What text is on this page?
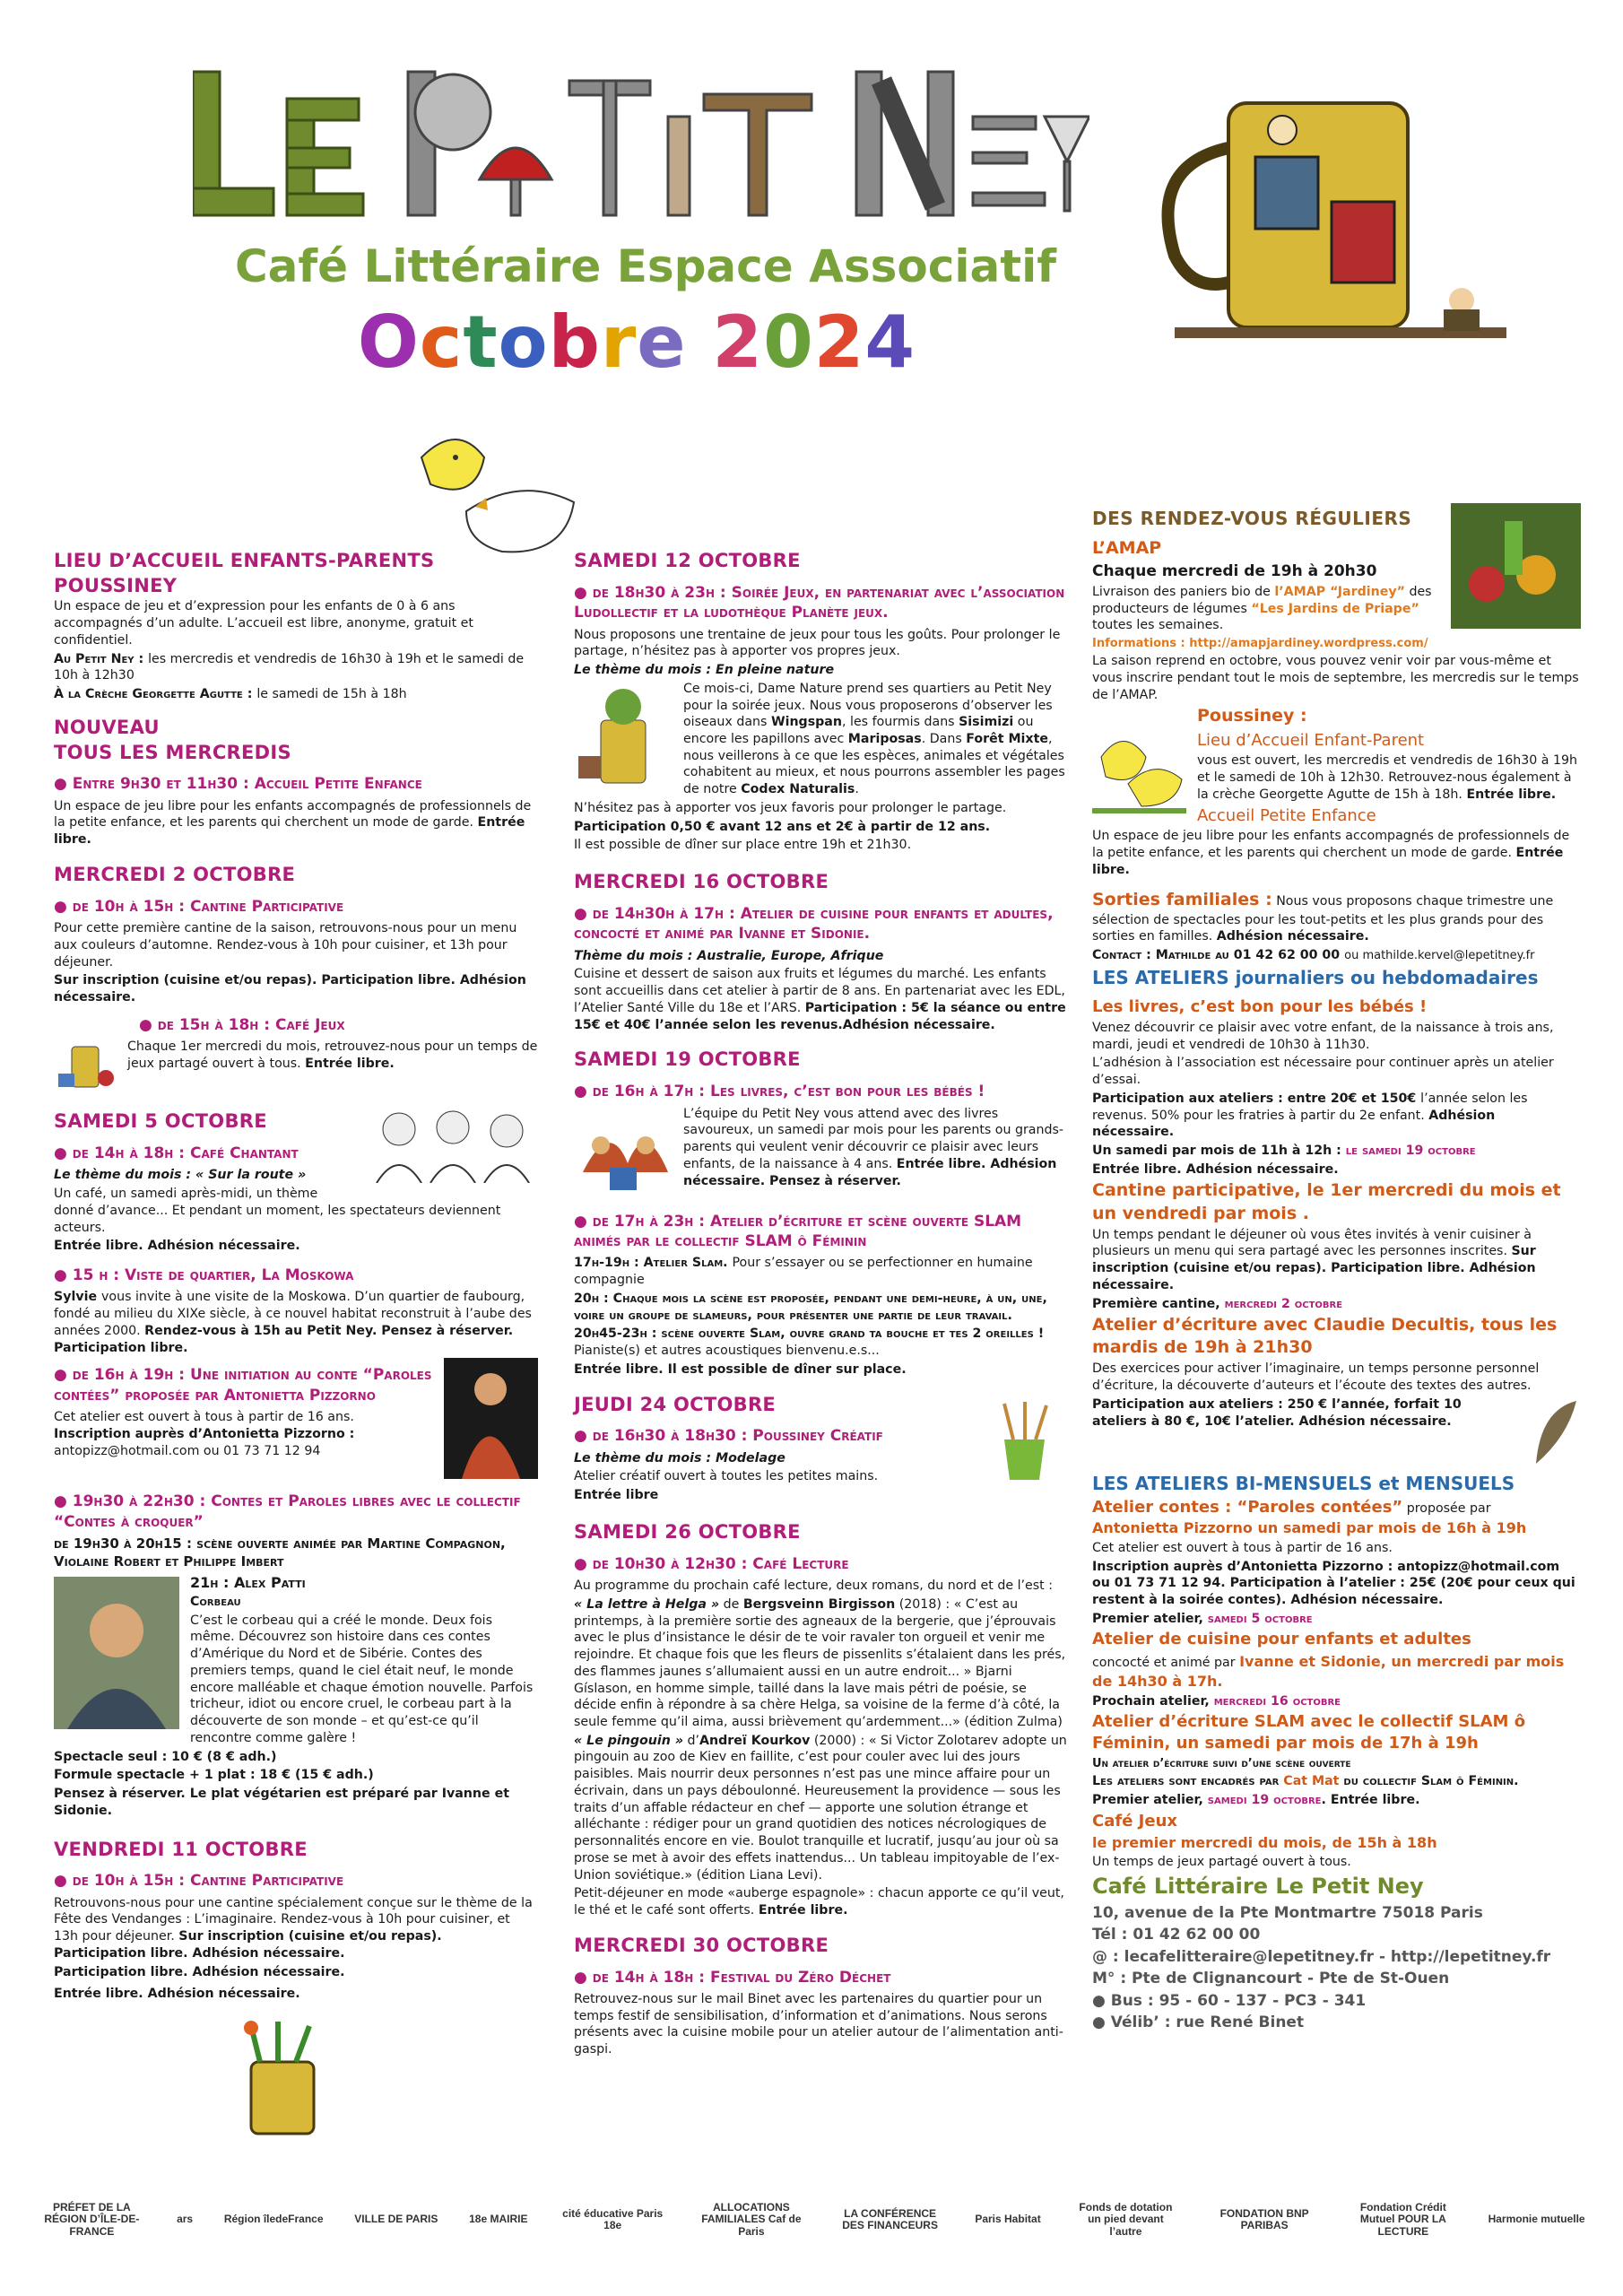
Café Littéraire Espace Associatif
Octobre 2024
LIEU D’ACCUEIL ENFANTS-PARENTS POUSSINEY

Un espace de jeu et d’expression pour les enfants de 0 à 6 ans accompagnés d’un adulte. L’accueil est libre, anonyme, gratuit et confidentiel.

Au Petit Ney : les mercredis et vendredis de 16h30 à 19h et le samedi de 10h à 12h30

À la Crèche Georgette Agutte : le samedi de 15h à 18h

NOUVEAU
TOUS LES MERCREDIS
● Entre 9h30 et 11h30 : Accueil Petite Enfance

Un espace de jeu libre pour les enfants accompagnés de professionnels de la petite enfance, et les parents qui cherchent un mode de garde. Entrée libre.

MERCREDI 2 OCTOBRE
● de 10h à 15h : Cantine Participative

Pour cette première cantine de la saison, retrouvons-nous pour un menu aux couleurs d’automne. Rendez-vous à 10h pour cuisiner, et 13h pour déjeuner.

Sur inscription (cuisine et/ou repas). Participation libre. Adhésion nécessaire.

● de 15h à 18h : Café Jeux

Chaque 1er mercredi du mois, retrouvez-nous pour un temps de jeux partagé ouvert à tous. Entrée libre.

SAMEDI 5 OCTOBRE
● de 14h à 18h : Café Chantant

Le thème du mois : « Sur la route »

Un café, un samedi après-midi, un thème donné d’avance... Et pendant un moment, les spectateurs deviennent acteurs.

Entrée libre. Adhésion nécessaire.

● 15 h : Viste de quartier, La Moskowa

Sylvie vous invite à une visite de la Moskowa. D’un quartier de faubourg, fondé au milieu du XIXe siècle, à ce nouvel habitat reconstruit à l’aube des années 2000. Rendez-vous à 15h au Petit Ney. Pensez à réserver. Participation libre.

● de 16h à 19h : Une initiation au conte “Paroles contées” proposée par Antonietta Pizzorno

Cet atelier est ouvert à tous à partir de 16 ans. Inscription auprès d’Antonietta Pizzorno : antopizz@hotmail.com ou 01 73 71 12 94

● 19h30 à 22h30 : Contes et Paroles libres avec le collectif “Contes à croquer”

de 19h30 à 20h15 : scène ouverte animée par Martine Compagnon, Violaine Robert et Philippe Imbert

21h : Alex Patti

Corbeau

C’est le corbeau qui a créé le monde. Deux fois même. Découvrez son histoire dans ces contes d’Amérique du Nord et de Sibérie. Contes des premiers temps, quand le ciel était neuf, le monde encore malléable et chaque émotion nouvelle. Parfois tricheur, idiot ou encore cruel, le corbeau part à la découverte de son monde – et qu’est-ce qu’il rencontre comme galère !

Spectacle seul : 10 € (8 € adh.)

Formule spectacle + 1 plat : 18 € (15 € adh.)

Pensez à réserver. Le plat végétarien est préparé par Ivanne et Sidonie.

VENDREDI 11 OCTOBRE
● de 10h à 15h : Cantine Participative

Retrouvons-nous pour une cantine spécialement conçue sur le thème de la Fête des Vendanges : L’imaginaire. Rendez-vous à 10h pour cuisiner, et 13h pour déjeuner. Sur inscription (cuisine et/ou repas). Participation libre. Adhésion nécessaire.

Participation libre. Adhésion nécessaire.

Entrée libre. Adhésion nécessaire.

SAMEDI 12 OCTOBRE
● de 18h30 à 23h : Soirée Jeux, en partenariat avec l’association Ludollectif et la ludothèque Planète jeux.

Nous proposons une trentaine de jeux pour tous les goûts. Pour prolonger le partage, n’hésitez pas à apporter vos propres jeux.

Le thème du mois : En pleine nature

Ce mois-ci, Dame Nature prend ses quartiers au Petit Ney pour la soirée jeux. Nous vous proposerons d’observer les oiseaux dans Wingspan, les fourmis dans Sisimizi ou encore les papillons avec Mariposas. Dans Forêt Mixte, nous veillerons à ce que les espèces, animales et végétales cohabitent au mieux, et nous pourrons assembler les pages de notre Codex Naturalis.

N’hésitez pas à apporter vos jeux favoris pour prolonger le partage.

Participation 0,50 € avant 12 ans et 2€ à partir de 12 ans.

Il est possible de dîner sur place entre 19h et 21h30.

MERCREDI 16 OCTOBRE
● de 14h30h à 17h : Atelier de cuisine pour enfants et adultes, concocté et animé par Ivanne et Sidonie.

Thème du mois : Australie, Europe, Afrique

Cuisine et dessert de saison aux fruits et légumes du marché. Les enfants sont accueillis dans cet atelier à partir de 8 ans. En partenariat avec les EDL, l’Atelier Santé Ville du 18e et l’ARS. Participation : 5€ la séance ou entre 15€ et 40€ l’année selon les revenus.Adhésion nécessaire.

SAMEDI 19 OCTOBRE
● de 16h à 17h : Les livres, c’est bon pour les bébés !

L’équipe du Petit Ney vous attend avec des livres savoureux, un samedi par mois pour les parents ou grands-parents qui veulent venir découvrir ce plaisir avec leurs enfants, de la naissance à 4 ans. Entrée libre. Adhésion nécessaire. Pensez à réserver.

● de 17h à 23h : Atelier d’écriture et scène ouverte SLAM animés par le collectif SLAM ô Féminin

17h-19h : Atelier Slam. Pour s’essayer ou se perfectionner en humaine compagnie

20h : Chaque mois la scène est proposée, pendant une demi-heure, à un, une, voire un groupe de slameurs, pour présenter une partie de leur travail.

20h45-23h : scène ouverte Slam, ouvre grand ta bouche et tes 2 oreilles ! Pianiste(s) et autres acoustiques bienvenu.e.s...

Entrée libre. Il est possible de dîner sur place.

JEUDI 24 OCTOBRE
● de 16h30 à 18h30 : Poussiney Créatif

Le thème du mois : Modelage

Atelier créatif ouvert à toutes les petites mains.

Entrée libre

SAMEDI 26 OCTOBRE
● de 10h30 à 12h30 : Café Lecture

Au programme du prochain café lecture, deux romans, du nord et de l’est :

« La lettre à Helga » de Bergsveinn Birgisson (2018) : « C’est au printemps, à la première sortie des agneaux de la bergerie, que j’éprouvais avec le plus d’insistance le désir de te voir ravaler ton orgueil et venir me rejoindre. Et chaque fois que les fleurs de pissenlits s’étalaient dans les prés, des flammes jaunes s’allumaient aussi en un autre endroit... » Bjarni Gíslason, en homme simple, taillé dans la lave mais pétri de poésie, se décide enfin à répondre à sa chère Helga, sa voisine de la ferme d’à côté, la seule femme qu’il aima, aussi brièvement qu’ardemment...» (édition Zulma)

« Le pingouin » d’Andreï Kourkov (2000) : « Si Victor Zolotarev adopte un pingouin au zoo de Kiev en faillite, c’est pour couler avec lui des jours paisibles. Mais nourrir deux personnes n’est pas une mince affaire pour un écrivain, dans un pays déboulonné. Heureusement la providence — sous les traits d’un affable rédacteur en chef — apporte une solution étrange et alléchante : rédiger pour un grand quotidien des notices nécrologiques de personnalités encore en vie. Boulot tranquille et lucratif, jusqu’au jour où sa prose se met à avoir des effets inattendus... Un tableau impitoyable de l’ex-Union soviétique.» (édition Liana Levi).

Petit-déjeuner en mode «auberge espagnole» : chacun apporte ce qu’il veut, le thé et le café sont offerts. Entrée libre.

MERCREDI 30 OCTOBRE
● de 14h à 18h : Festival du Zéro Déchet

Retrouvez-nous sur le mail Binet avec les partenaires du quartier pour un temps festif de sensibilisation, d’information et d’animations. Nous serons présents avec la cuisine mobile pour un atelier autour de l’alimentation anti-gaspi.

DES RENDEZ-VOUS RÉGULIERS

L’AMAP

Chaque mercredi de 19h à 20h30

Livraison des paniers bio de l’AMAP “Jardiney” des producteurs de légumes “Les Jardins de Priape” toutes les semaines.

Informations : http://amapjardiney.wordpress.com/

La saison reprend en octobre, vous pouvez venir voir par vous-même et vous inscrire pendant tout le mois de septembre, les mercredis sur le temps de l’AMAP.

Poussiney :

Lieu d’Accueil Enfant-Parent

vous est ouvert, les mercredis et vendredis de 16h30 à 19h et le samedi de 10h à 12h30. Retrouvez-nous également à la crèche Georgette Agutte de 15h à 18h. Entrée libre.

Accueil Petite Enfance

Un espace de jeu libre pour les enfants accompagnés de professionnels de la petite enfance, et les parents qui cherchent un mode de garde. Entrée libre.

Sorties familiales : Nous vous proposons chaque trimestre une sélection de spectacles pour les tout-petits et les plus grands pour des sorties en familles. Adhésion nécessaire.

Contact : Mathilde au 01 42 62 00 00 ou mathilde.kervel@lepetitney.fr

LES ATELIERS journaliers ou hebdomadaires

Les livres, c’est bon pour les bébés !

Venez découvrir ce plaisir avec votre enfant, de la naissance à trois ans, mardi, jeudi et vendredi de 10h30 à 11h30.

L’adhésion à l’association est nécessaire pour continuer après un atelier d’essai.

Participation aux ateliers : entre 20€ et 150€ l’année selon les revenus. 50% pour les fratries à partir du 2e enfant. Adhésion nécessaire.

Un samedi par mois de 11h à 12h : le samedi 19 octobre

Entrée libre. Adhésion nécessaire.

Cantine participative, le 1er mercredi du mois et un vendredi par mois .

Un temps pendant le déjeuner où vous êtes invités à venir cuisiner à plusieurs un menu qui sera partagé avec les personnes inscrites. Sur inscription (cuisine et/ou repas). Participation libre. Adhésion nécessaire.

Première cantine, mercredi 2 octobre

Atelier d’écriture avec Claudie Decultis, tous les mardis de 19h à 21h30

Des exercices pour activer l’imaginaire, un temps personne personnel d’écriture, la découverte d’auteurs et l’écoute des textes des autres.

Participation aux ateliers : 250 € l’année, forfait 10 ateliers à 80 €, 10€ l’atelier. Adhésion nécessaire.

LES ATELIERS BI-MENSUELS et MENSUELS

Atelier contes : “Paroles contées” proposée par Antonietta Pizzorno un samedi par mois de 16h à 19h

Cet atelier est ouvert à tous à partir de 16 ans.

Inscription auprès d’Antonietta Pizzorno : antopizz@hotmail.com ou 01 73 71 12 94. Participation à l’atelier : 25€ (20€ pour ceux qui restent à la soirée contes). Adhésion nécessaire.

Premier atelier, samedi 5 octobre

Atelier de cuisine pour enfants et adultes

concocté et animé par Ivanne et Sidonie, un mercredi par mois de 14h30 à 17h.

Prochain atelier, mercredi 16 octobre

Atelier d’écriture SLAM avec le collectif SLAM ô Féminin, un samedi par mois de 17h à 19h

Un atelier d’écriture suivi d’une scène ouverte

Les ateliers sont encadrés par Cat Mat du collectif Slam ô Féminin.

Premier atelier, samedi 19 octobre. Entrée libre.

Café Jeux

le premier mercredi du mois, de 15h à 18h

Un temps de jeux partagé ouvert à tous.

Café Littéraire Le Petit Ney

10, avenue de la Pte Montmartre 75018 Paris

Tél : 01 42 62 00 00

@ : lecafelitteraire@lepetitney.fr - http://lepetitney.fr

M° : Pte de Clignancourt - Pte de St-Ouen

● Bus : 95 - 60 - 137 - PC3 - 341

● Vélib’ : rue René Binet

PRÉFET DE LA RÉGION D’ÎLE-DE-FRANCE
ars	Région îledeFrance	VILLE DE PARIS	18e MAIRIE	cité éducative Paris 18e
ALLOCATIONS FAMILIALES Caf de Paris
LA CONFÉRENCE DES FINANCEURS	Paris Habitat
Fonds de dotation un pied devant l’autre
FONDATION BNP PARIBAS
Fondation Crédit Mutuel POUR LA LECTURE
Harmonie mutuelle
